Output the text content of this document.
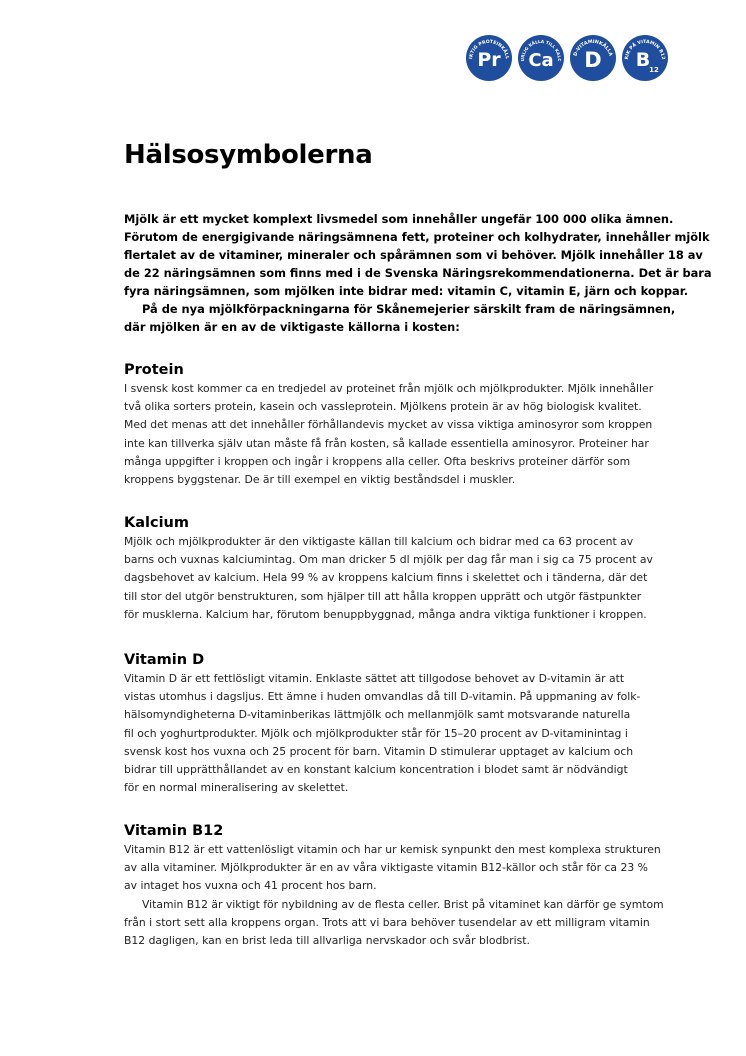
IKTIG PROTEINKÄLL
Pr	URLIG KÄLLA TILL KALC
Ca	D-VITAMINKÄLLA
D	RIK PÅ VITAMIN B12
B
12
Hälsosymbolerna

Mjölk är ett mycket komplext livsmedel som innehåller ungefär 100 000 olika ämnen.

Förutom de energigivande näringsämnena fett, proteiner och kolhydrater, innehåller mjölk

flertalet av de vitaminer, mineraler och spårämnen som vi behöver. Mjölk innehåller 18 av

de 22 näringsämnen som finns med i de Svenska Näringsrekommendationerna. Det är bara

fyra näringsämnen, som mjölken inte bidrar med: vitamin C, vitamin E, järn och koppar.

På de nya mjölkförpackningarna för Skånemejerier särskilt fram de näringsämnen,

där mjölken är en av de viktigaste källorna i kosten:

Protein

I svensk kost kommer ca en tredjedel av proteinet från mjölk och mjölkprodukter. Mjölk innehåller

två olika sorters protein, kasein och vassleprotein. Mjölkens protein är av hög biologisk kvalitet.

Med det menas att det innehåller förhållandevis mycket av vissa viktiga aminosyror som kroppen

inte kan tillverka själv utan måste få från kosten, så kallade essentiella aminosyror. Proteiner har

många uppgifter i kroppen och ingår i kroppens alla celler. Ofta beskrivs proteiner därför som

kroppens byggstenar. De är till exempel en viktig beståndsdel i muskler.

Kalcium

Mjölk och mjölkprodukter är den viktigaste källan till kalcium och bidrar med ca 63 procent av

barns och vuxnas kalciumintag. Om man dricker 5 dl mjölk per dag får man i sig ca 75 procent av

dagsbehovet av kalcium. Hela 99 % av kroppens kalcium finns i skelettet och i tänderna, där det

till stor del utgör benstrukturen, som hjälper till att hålla kroppen upprätt och utgör fästpunkter

för musklerna. Kalcium har, förutom benuppbyggnad, många andra viktiga funktioner i kroppen.

Vitamin D

Vitamin D är ett fettlösligt vitamin. Enklaste sättet att tillgodose behovet av D-vitamin är att

vistas utomhus i dagsljus. Ett ämne i huden omvandlas då till D-vitamin. På uppmaning av folk-

hälsomyndigheterna D-vitaminberikas lättmjölk och mellanmjölk samt motsvarande naturella

fil och yoghurtprodukter. Mjölk och mjölkprodukter står för 15–20 procent av D-vitaminintag i

svensk kost hos vuxna och 25 procent för barn. Vitamin D stimulerar upptaget av kalcium och

bidrar till upprätthållandet av en konstant kalcium koncentration i blodet samt är nödvändigt

för en normal mineralisering av skelettet.

Vitamin B12

Vitamin B12 är ett vattenlösligt vitamin och har ur kemisk synpunkt den mest komplexa strukturen

av alla vitaminer. Mjölkprodukter är en av våra viktigaste vitamin B12-källor och står för ca 23 %

av intaget hos vuxna och 41 procent hos barn.

Vitamin B12 är viktigt för nybildning av de flesta celler. Brist på vitaminet kan därför ge symtom

från i stort sett alla kroppens organ. Trots att vi bara behöver tusendelar av ett milligram vitamin

B12 dagligen, kan en brist leda till allvarliga nervskador och svår blodbrist.
